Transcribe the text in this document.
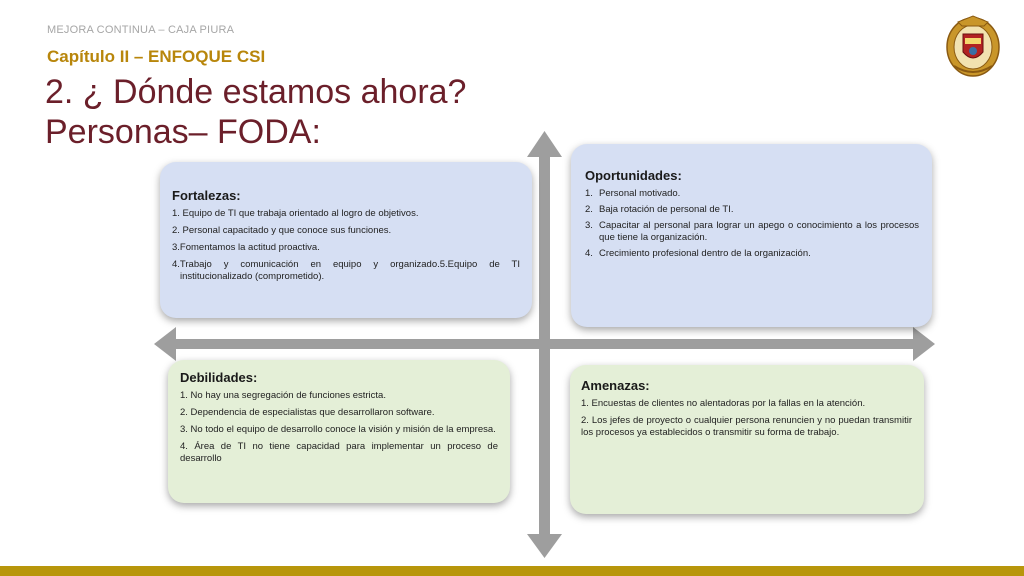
MEJORA CONTINUA – CAJA PIURA
Capítulo II – ENFOQUE CSI
2. ¿ Dónde estamos ahora?
Personas– FODA:
Fortalezas:

1. Equipo de TI que trabaja orientado al logro de objetivos.

2. Personal capacitado y que conoce sus funciones.

3.Fomentamos la actitud proactiva.

4.Trabajo y comunicación en equipo y organizado.5.Equipo de TI institucionalizado (comprometido).

Oportunidades:
1. Personal motivado.
2. Baja rotación de personal de TI.
3. Capacitar al personal para lograr un apego o conocimiento a los procesos que tiene la organización.
4. Crecimiento profesional dentro de la organización.
Debilidades:

1. No hay una segregación de funciones estricta.

2. Dependencia de especialistas que desarrollaron software.

3. No todo el equipo de desarrollo conoce la visión y misión de la empresa.

4. Área de TI no tiene capacidad para implementar un proceso de desarrollo

Amenazas:

1. Encuestas de clientes no alentadoras por la fallas en la atención.

2. Los jefes de proyecto o cualquier persona renuncien y no puedan transmitir los procesos ya establecidos o transmitir su forma de trabajo.
